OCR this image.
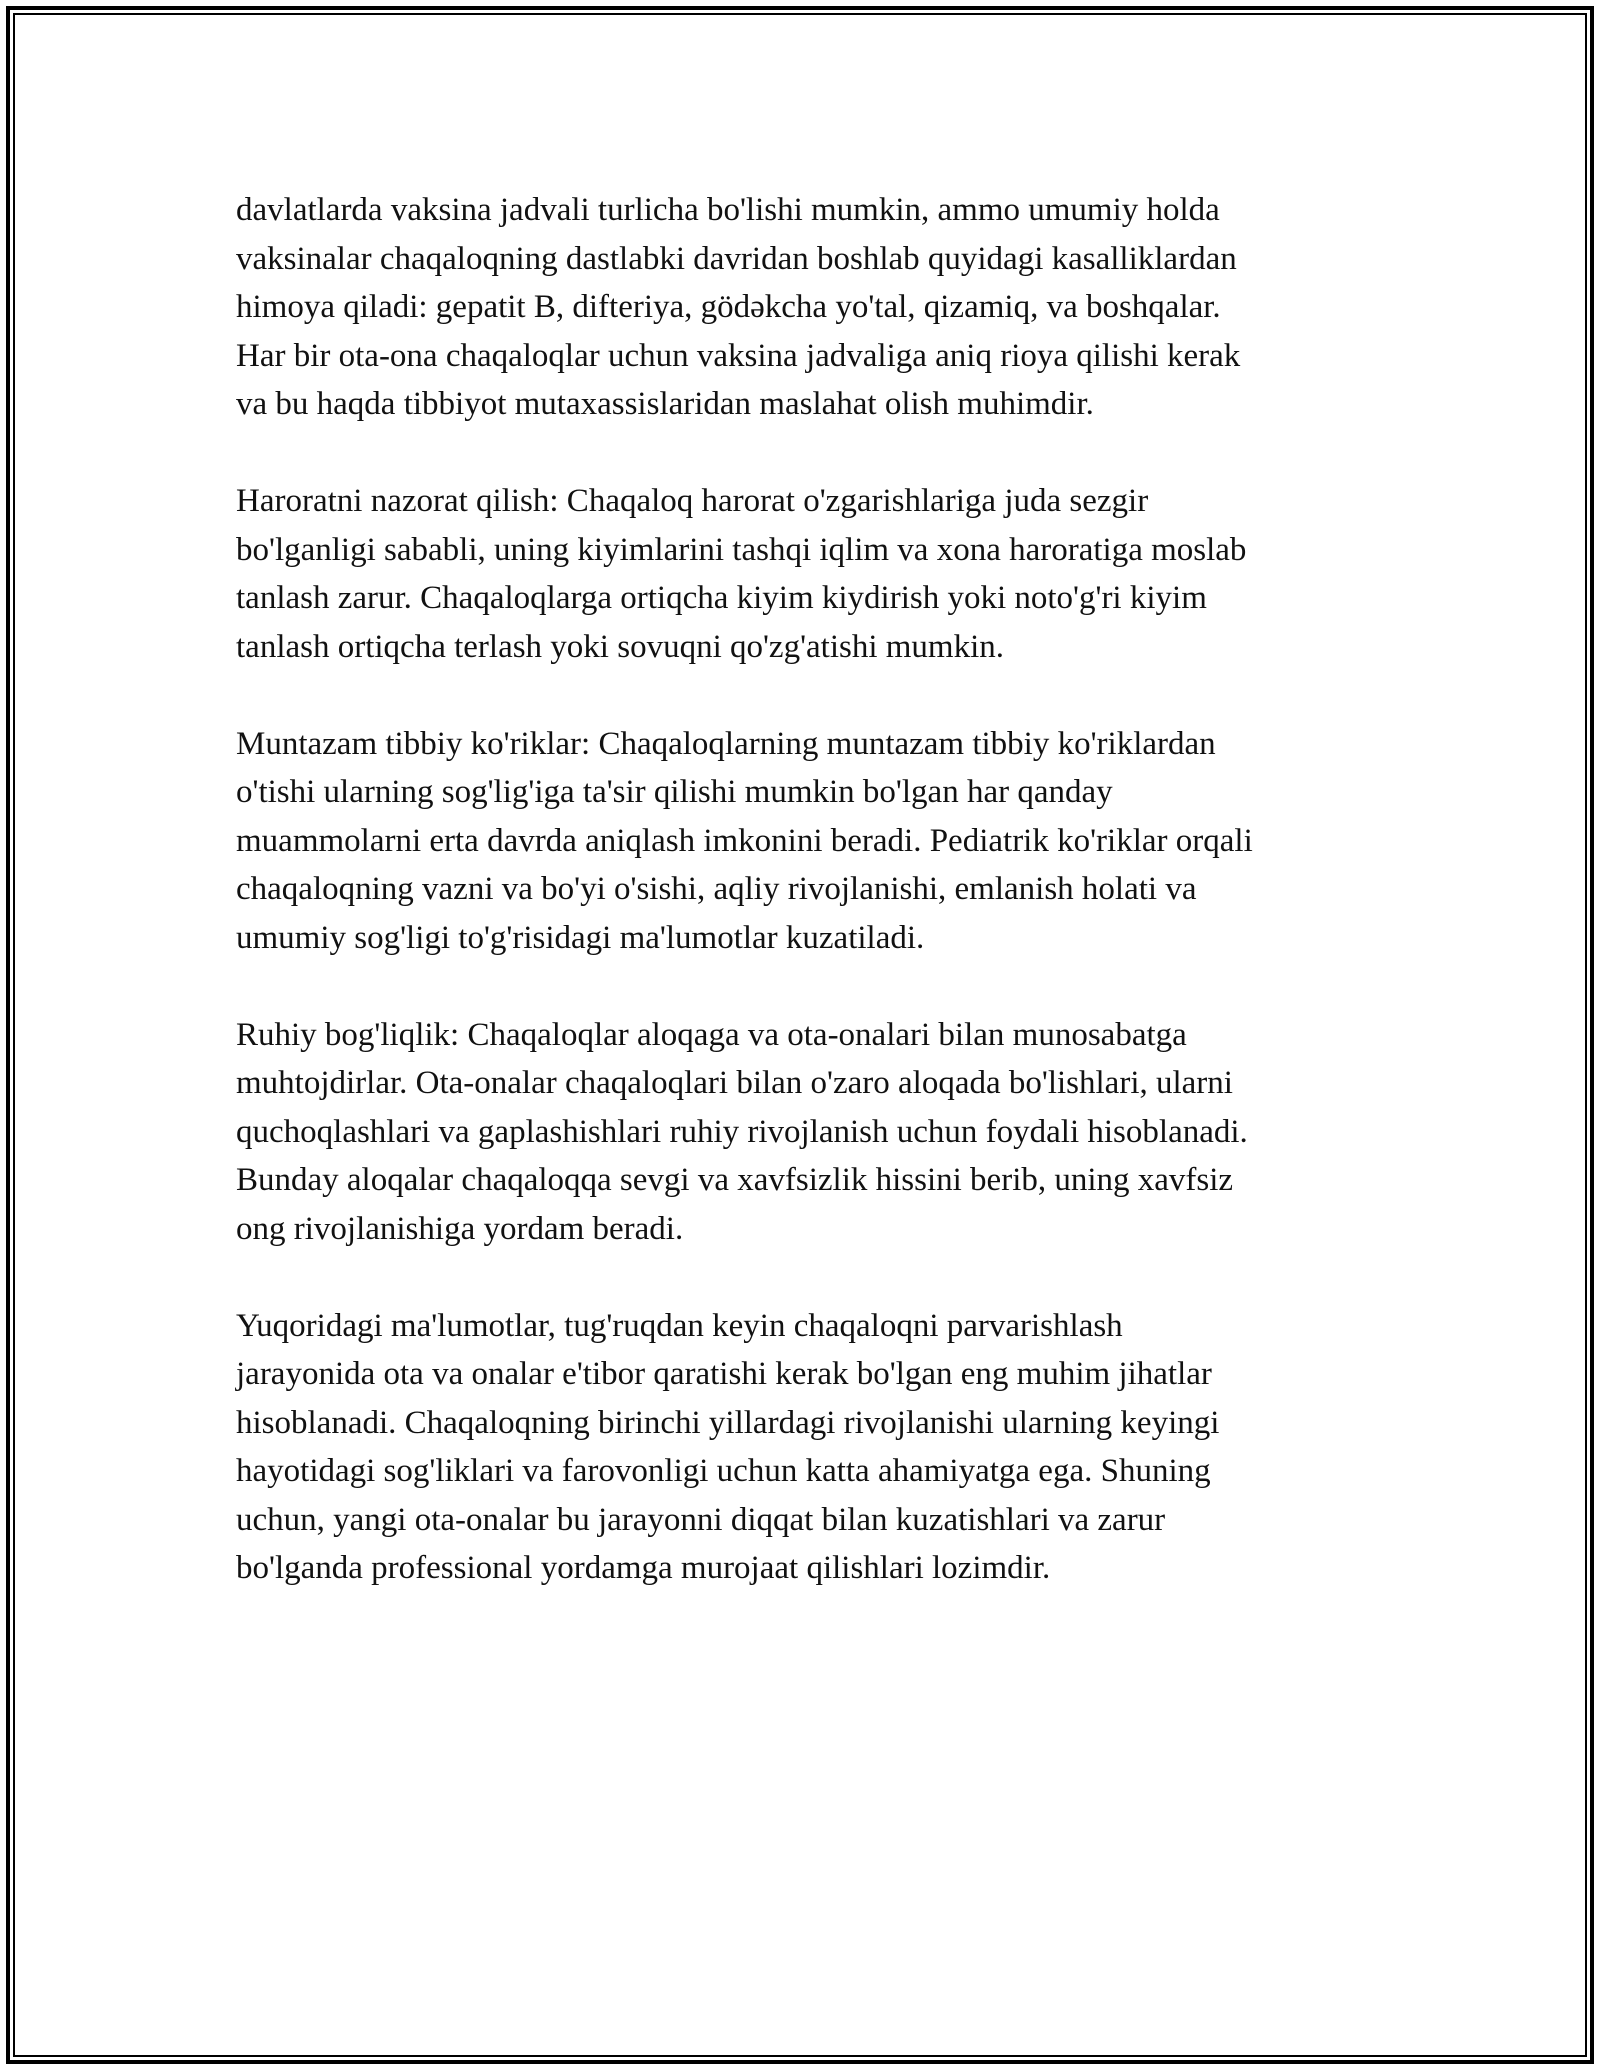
davlatlarda vaksina jadvali turlicha bo'lishi mumkin, ammo umumiy holda
vaksinalar chaqaloqning dastlabki davridan boshlab quyidagi kasalliklardan
himoya qiladi: gepatit B, difteriya, gödəkcha yo'tal, qizamiq, va boshqalar.
Har bir ota-ona chaqaloqlar uchun vaksina jadvaliga aniq rioya qilishi kerak
va bu haqda tibbiyot mutaxassislaridan maslahat olish muhimdir.

Haroratni nazorat qilish: Chaqaloq harorat o'zgarishlariga juda sezgir
bo'lganligi sababli, uning kiyimlarini tashqi iqlim va xona haroratiga moslab
tanlash zarur. Chaqaloqlarga ortiqcha kiyim kiydirish yoki noto'g'ri kiyim
tanlash ortiqcha terlash yoki sovuqni qo'zg'atishi mumkin.

Muntazam tibbiy ko'riklar: Chaqaloqlarning muntazam tibbiy ko'riklardan
o'tishi ularning sog'lig'iga ta'sir qilishi mumkin bo'lgan har qanday
muammolarni erta davrda aniqlash imkonini beradi. Pediatrik ko'riklar orqali
chaqaloqning vazni va bo'yi o'sishi, aqliy rivojlanishi, emlanish holati va
umumiy sog'ligi to'g'risidagi ma'lumotlar kuzatiladi.

Ruhiy bog'liqlik: Chaqaloqlar aloqaga va ota-onalari bilan munosabatga
muhtojdirlar. Ota-onalar chaqaloqlari bilan o'zaro aloqada bo'lishlari, ularni
quchoqlashlari va gaplashishlari ruhiy rivojlanish uchun foydali hisoblanadi.
Bunday aloqalar chaqaloqqa sevgi va xavfsizlik hissini berib, uning xavfsiz
ong rivojlanishiga yordam beradi.

Yuqoridagi ma'lumotlar, tug'ruqdan keyin chaqaloqni parvarishlash
jarayonida ota va onalar e'tibor qaratishi kerak bo'lgan eng muhim jihatlar
hisoblanadi. Chaqaloqning birinchi yillardagi rivojlanishi ularning keyingi
hayotidagi sog'liklari va farovonligi uchun katta ahamiyatga ega. Shuning
uchun, yangi ota-onalar bu jarayonni diqqat bilan kuzatishlari va zarur
bo'lganda professional yordamga murojaat qilishlari lozimdir.
